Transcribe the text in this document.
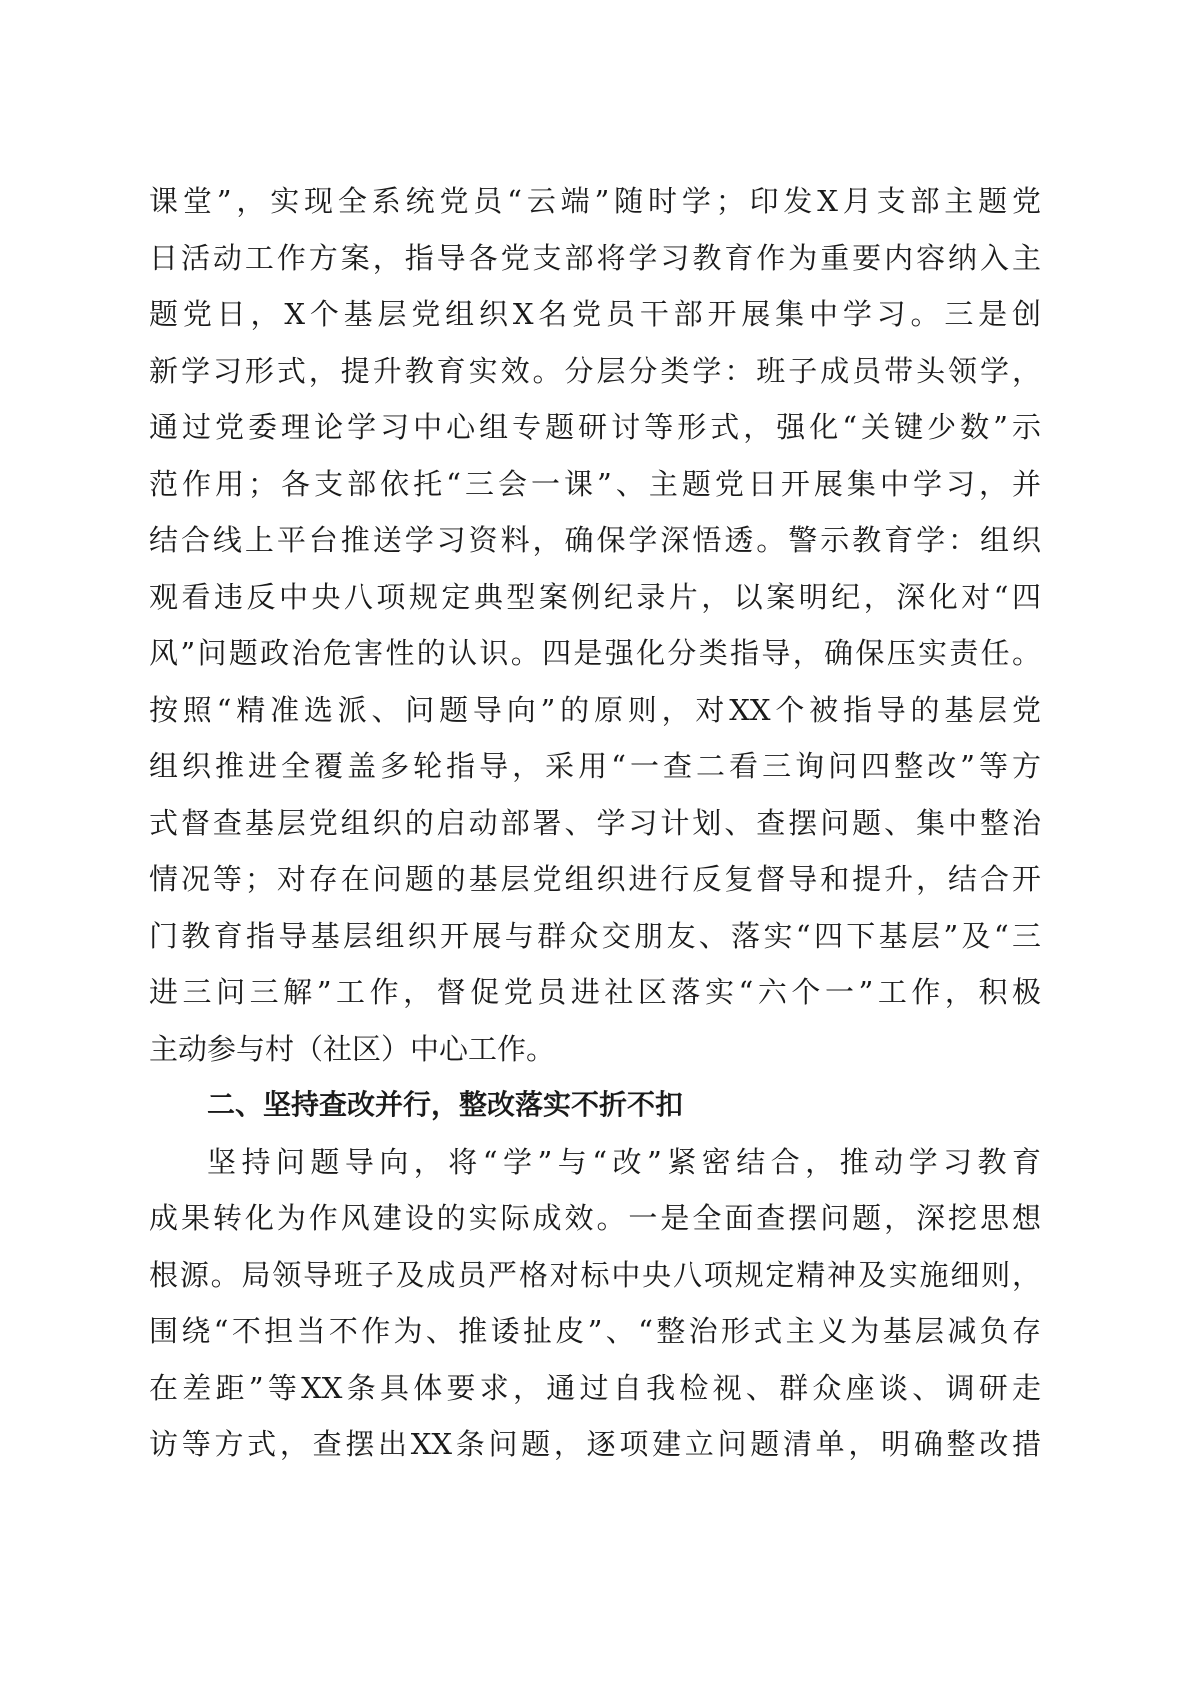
课堂”，实现全系统党员“云端”随时学；印发X月支部主题党
日活动工作方案，指导各党支部将学习教育作为重要内容纳入主
题党日，X个基层党组织X名党员干部开展集中学习。三是创
新学习形式，提升教育实效。分层分类学：班子成员带头领学，
通过党委理论学习中心组专题研讨等形式，强化“关键少数”示
范作用；各支部依托“三会一课”、主题党日开展集中学习，并
结合线上平台推送学习资料，确保学深悟透。警示教育学：组织
观看违反中央八项规定典型案例纪录片，以案明纪，深化对“四
风”问题政治危害性的认识。四是强化分类指导，确保压实责任。
按照“精准选派、问题导向”的原则，对XX个被指导的基层党
组织推进全覆盖多轮指导，采用“一查二看三询问四整改”等方
式督查基层党组织的启动部署、学习计划、查摆问题、集中整治
情况等；对存在问题的基层党组织进行反复督导和提升，结合开
门教育指导基层组织开展与群众交朋友、落实“四下基层”及“三
进三问三解”工作，督促党员进社区落实“六个一”工作，积极
主动参与村（社区）中心工作。
二、坚持查改并行，整改落实不折不扣
坚持问题导向，将“学”与“改”紧密结合，推动学习教育
成果转化为作风建设的实际成效。一是全面查摆问题，深挖思想
根源。局领导班子及成员严格对标中央八项规定精神及实施细则，
围绕“不担当不作为、推诿扯皮”、“整治形式主义为基层减负存
在差距”等XX条具体要求，通过自我检视、群众座谈、调研走
访等方式，查摆出XX条问题，逐项建立问题清单，明确整改措
